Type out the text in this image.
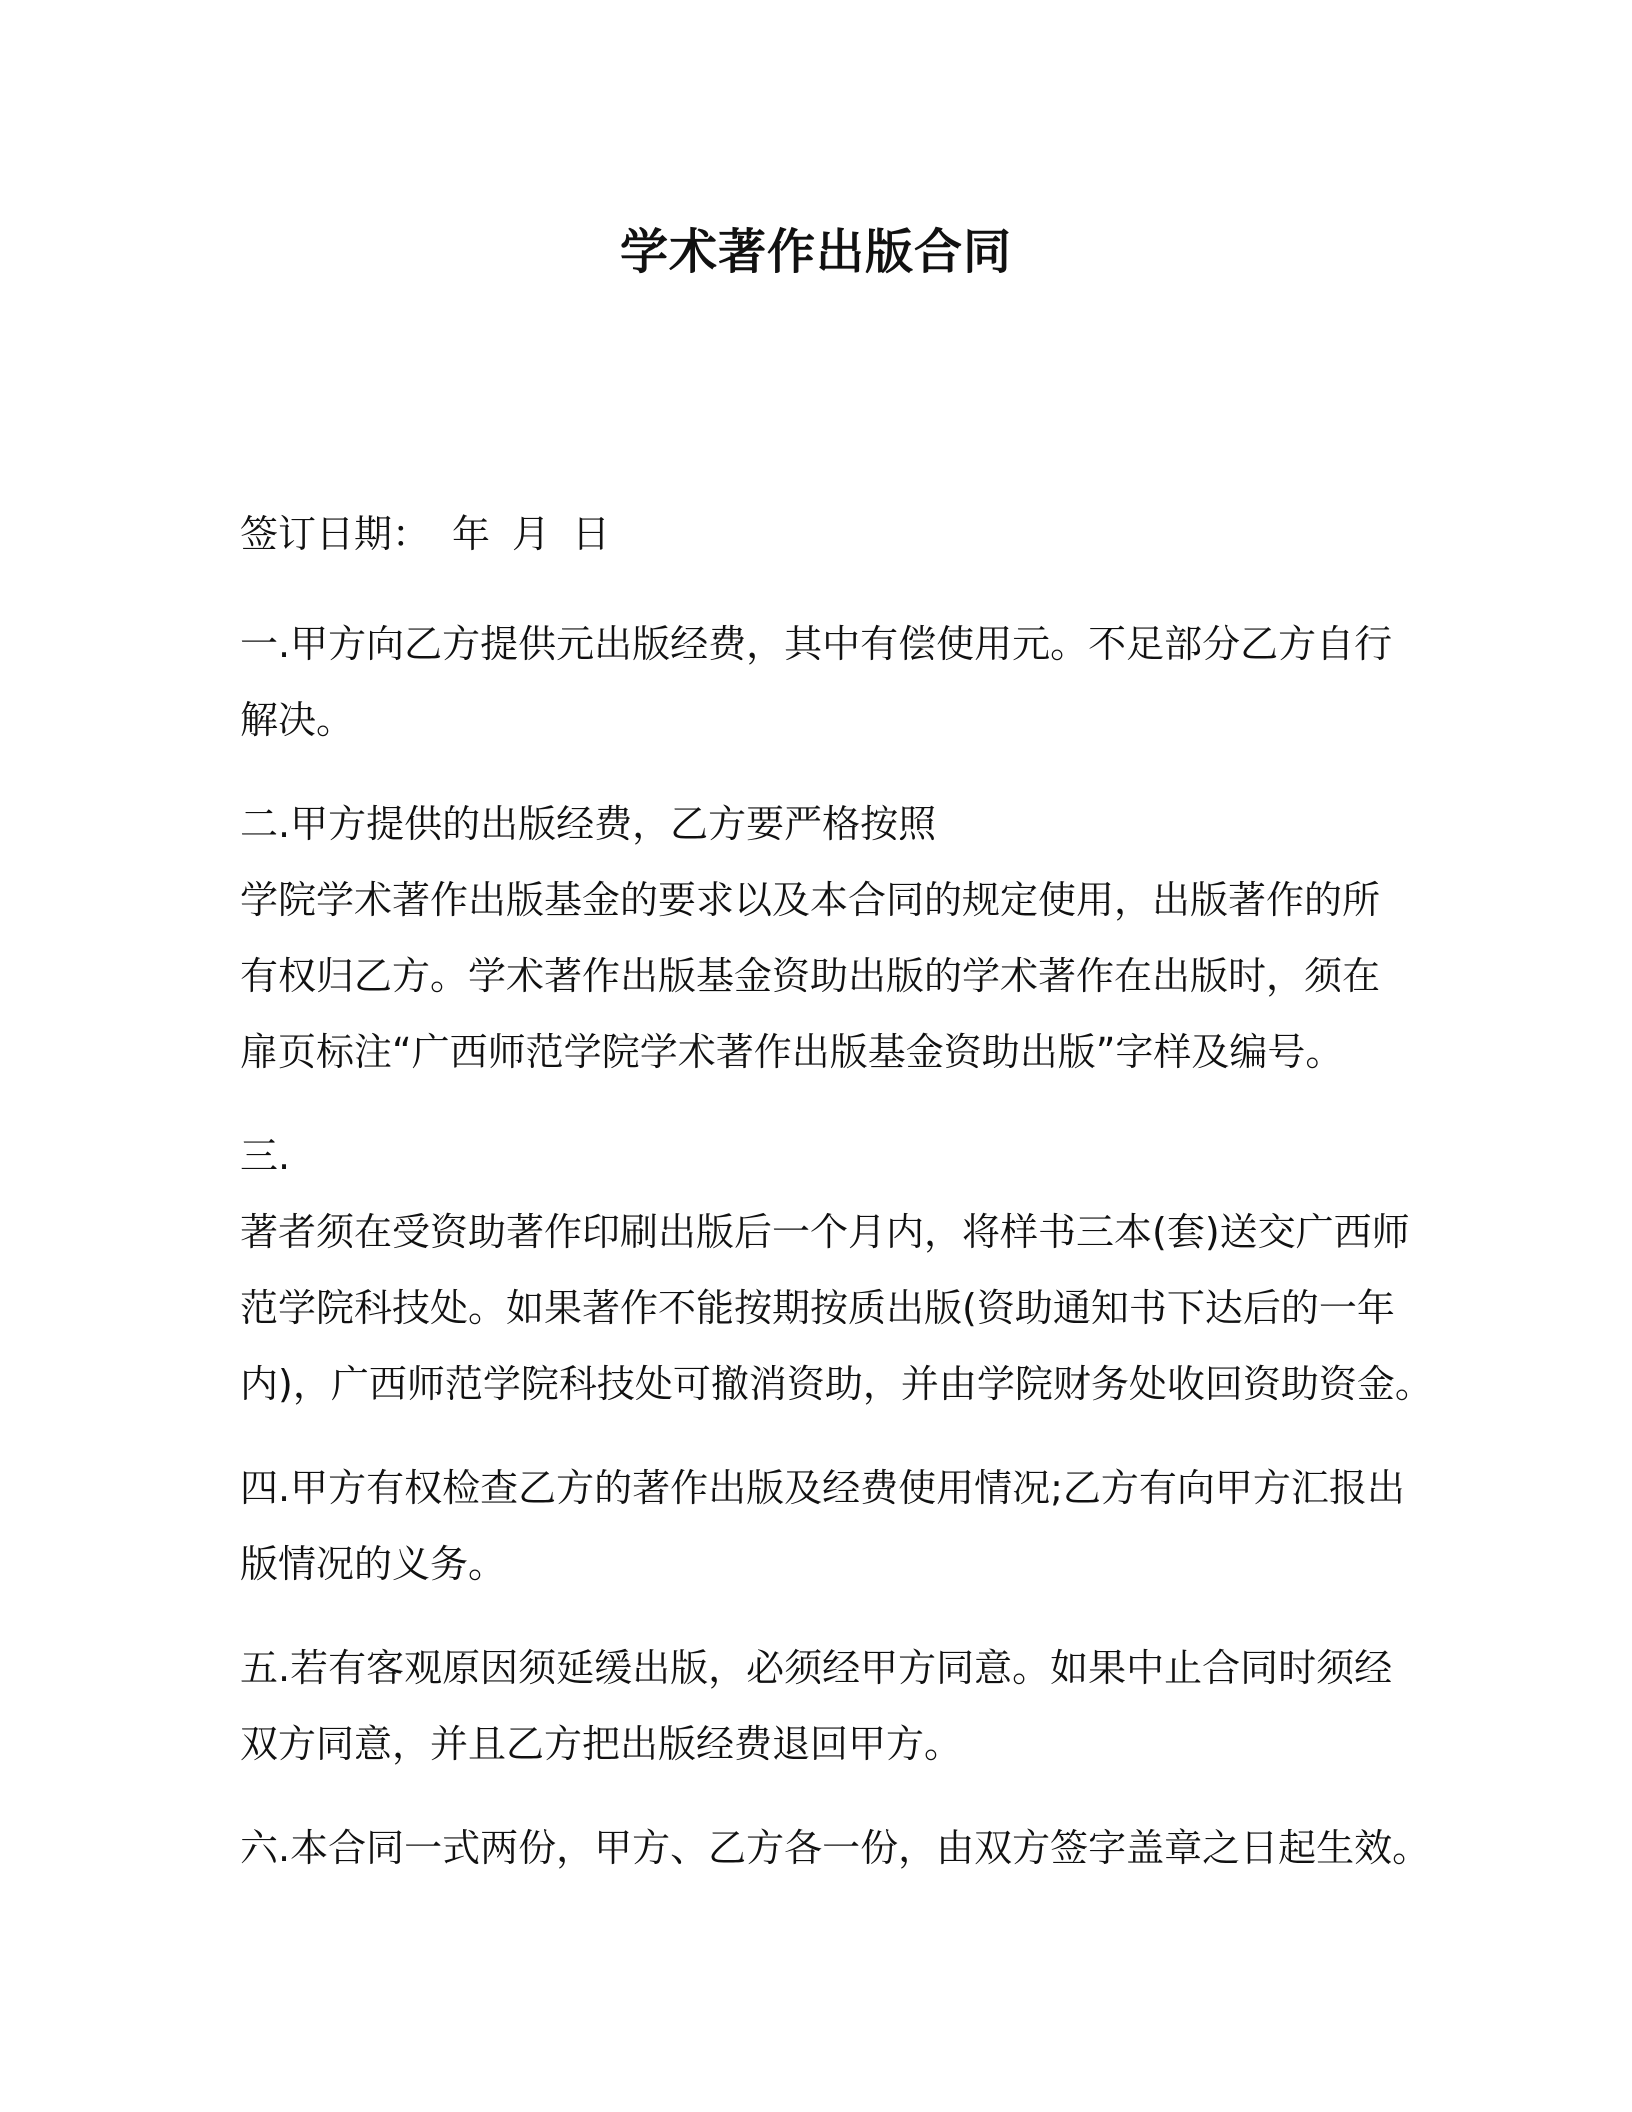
学术著作出版合同
签订日期： 年 月 日
一.甲方向乙方提供元出版经费，其中有偿使用元。不足部分乙方自行
解决。
二.甲方提供的出版经费，乙方要严格按照
学院学术著作出版基金的要求以及本合同的规定使用，出版著作的所
有权归乙方。学术著作出版基金资助出版的学术著作在出版时，须在
扉页标注“广西师范学院学术著作出版基金资助出版”字样及编号。
三.
著者须在受资助著作印刷出版后一个月内，将样书三本(套)送交广西师
范学院科技处。如果著作不能按期按质出版(资助通知书下达后的一年
内)，广西师范学院科技处可撤消资助，并由学院财务处收回资助资金。
四.甲方有权检查乙方的著作出版及经费使用情况;乙方有向甲方汇报出
版情况的义务。
五.若有客观原因须延缓出版，必须经甲方同意。如果中止合同时须经
双方同意，并且乙方把出版经费退回甲方。
六.本合同一式两份，甲方、乙方各一份，由双方签字盖章之日起生效。
